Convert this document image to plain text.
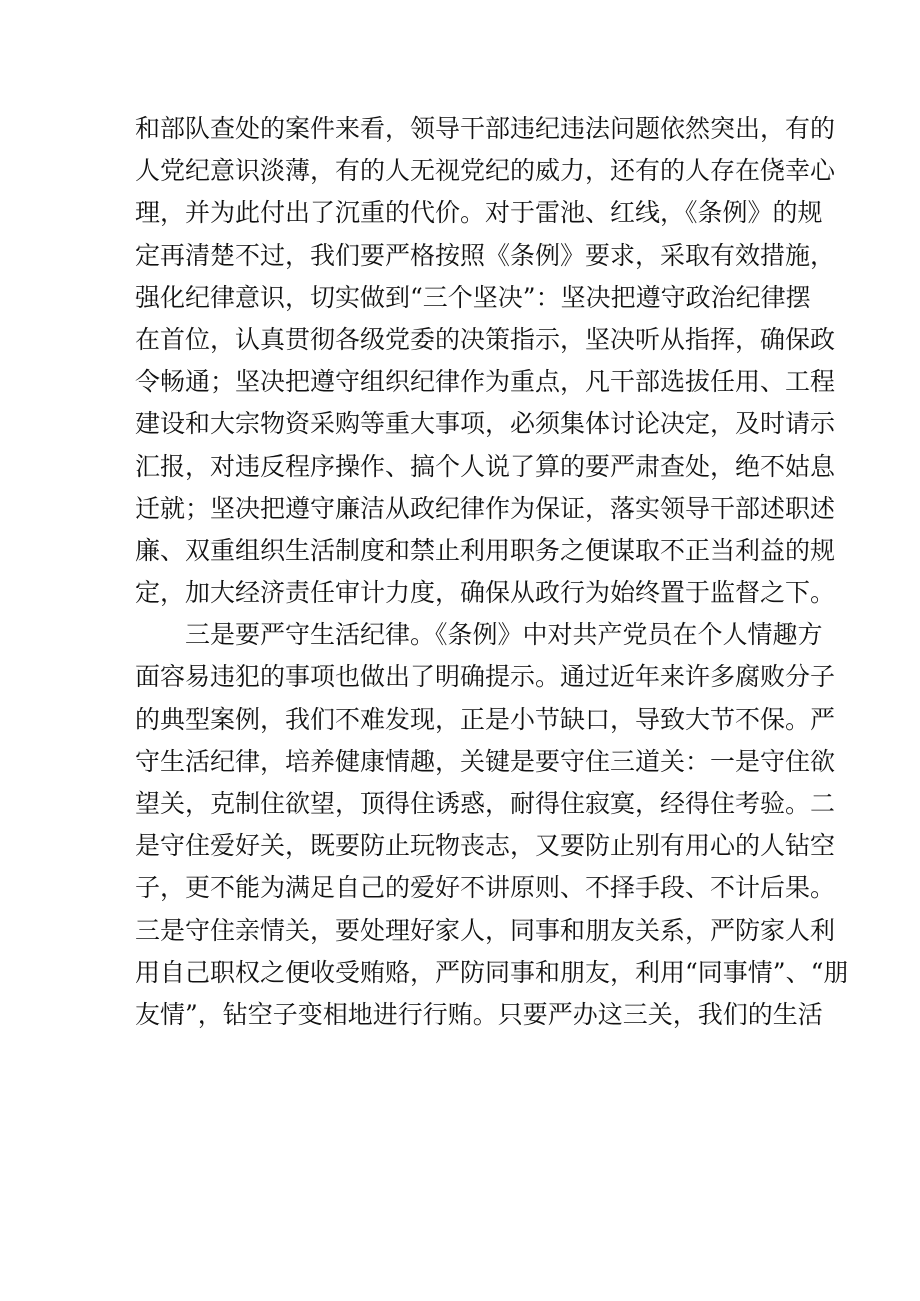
和部队查处的案件来看，领导干部违纪违法问题依然突出，有的
人党纪意识淡薄，有的人无视党纪的威力，还有的人存在侥幸心
理，并为此付出了沉重的代价。对于雷池、红线，《条例》的规
定再清楚不过，我们要严格按照《条例》要求，采取有效措施，
强化纪律意识，切实做到“三个坚决”：坚决把遵守政治纪律摆
在首位，认真贯彻各级党委的决策指示，坚决听从指挥，确保政
令畅通；坚决把遵守组织纪律作为重点，凡干部选拔任用、工程
建设和大宗物资采购等重大事项，必须集体讨论决定，及时请示
汇报，对违反程序操作、搞个人说了算的要严肃查处，绝不姑息
迁就；坚决把遵守廉洁从政纪律作为保证，落实领导干部述职述
廉、双重组织生活制度和禁止利用职务之便谋取不正当利益的规
定，加大经济责任审计力度，确保从政行为始终置于监督之下。
三是要严守生活纪律。《条例》中对共产党员在个人情趣方
面容易违犯的事项也做出了明确提示。通过近年来许多腐败分子
的典型案例，我们不难发现，正是小节缺口，导致大节不保。严
守生活纪律，培养健康情趣，关键是要守住三道关：一是守住欲
望关，克制住欲望，顶得住诱惑，耐得住寂寞，经得住考验。二
是守住爱好关，既要防止玩物丧志，又要防止别有用心的人钻空
子，更不能为满足自己的爱好不讲原则、不择手段、不计后果。
三是守住亲情关，要处理好家人，同事和朋友关系，严防家人利
用自己职权之便收受贿赂，严防同事和朋友，利用“同事情”、“朋
友情”，钻空子变相地进行行贿。只要严办这三关，我们的生活
